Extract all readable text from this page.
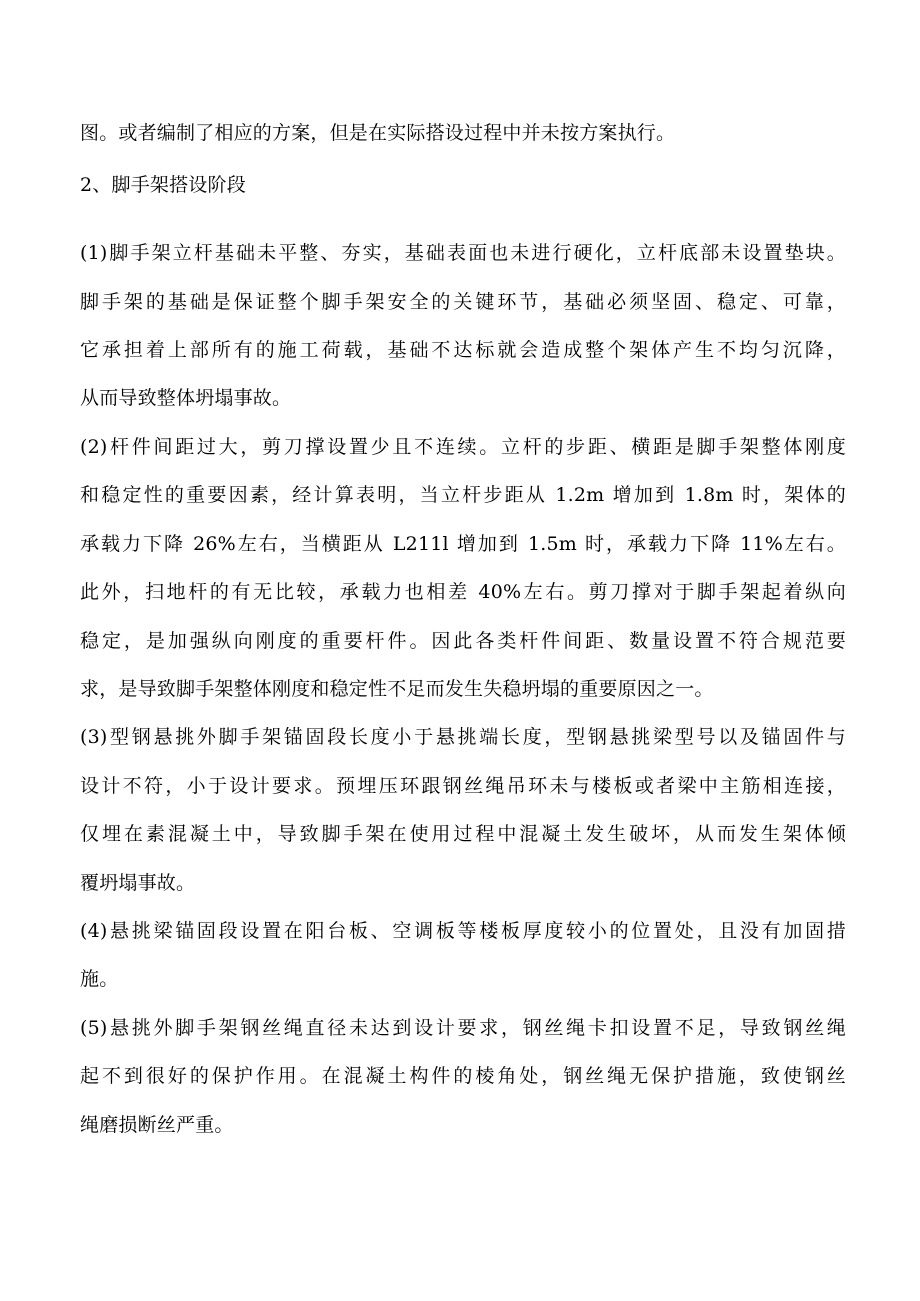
图。或者编制了相应的方案，但是在实际搭设过程中并未按方案执行。
2、脚手架搭设阶段
(1)脚手架立杆基础未平整、夯实，基础表面也未进行硬化，立杆底部未设置垫块。
脚手架的基础是保证整个脚手架安全的关键环节，基础必须坚固、稳定、可靠，
它承担着上部所有的施工荷载，基础不达标就会造成整个架体产生不均匀沉降，
从而导致整体坍塌事故。
(2)杆件间距过大，剪刀撑设置少且不连续。立杆的步距、横距是脚手架整体刚度
和稳定性的重要因素，经计算表明，当立杆步距从 1.2m 增加到 1.8m 时，架体的
承载力下降 26%左右，当横距从 L211l 增加到 1.5m 时，承载力下降 11%左右。
此外，扫地杆的有无比较，承载力也相差 40%左右。剪刀撑对于脚手架起着纵向
稳定，是加强纵向刚度的重要杆件。因此各类杆件间距、数量设置不符合规范要
求，是导致脚手架整体刚度和稳定性不足而发生失稳坍塌的重要原因之一。
(3)型钢悬挑外脚手架锚固段长度小于悬挑端长度，型钢悬挑梁型号以及锚固件与
设计不符，小于设计要求。预埋压环跟钢丝绳吊环未与楼板或者梁中主筋相连接，
仅埋在素混凝土中，导致脚手架在使用过程中混凝土发生破坏，从而发生架体倾
覆坍塌事故。
(4)悬挑梁锚固段设置在阳台板、空调板等楼板厚度较小的位置处，且没有加固措
施。
(5)悬挑外脚手架钢丝绳直径未达到设计要求，钢丝绳卡扣设置不足，导致钢丝绳
起不到很好的保护作用。在混凝土构件的棱角处，钢丝绳无保护措施，致使钢丝
绳磨损断丝严重。
